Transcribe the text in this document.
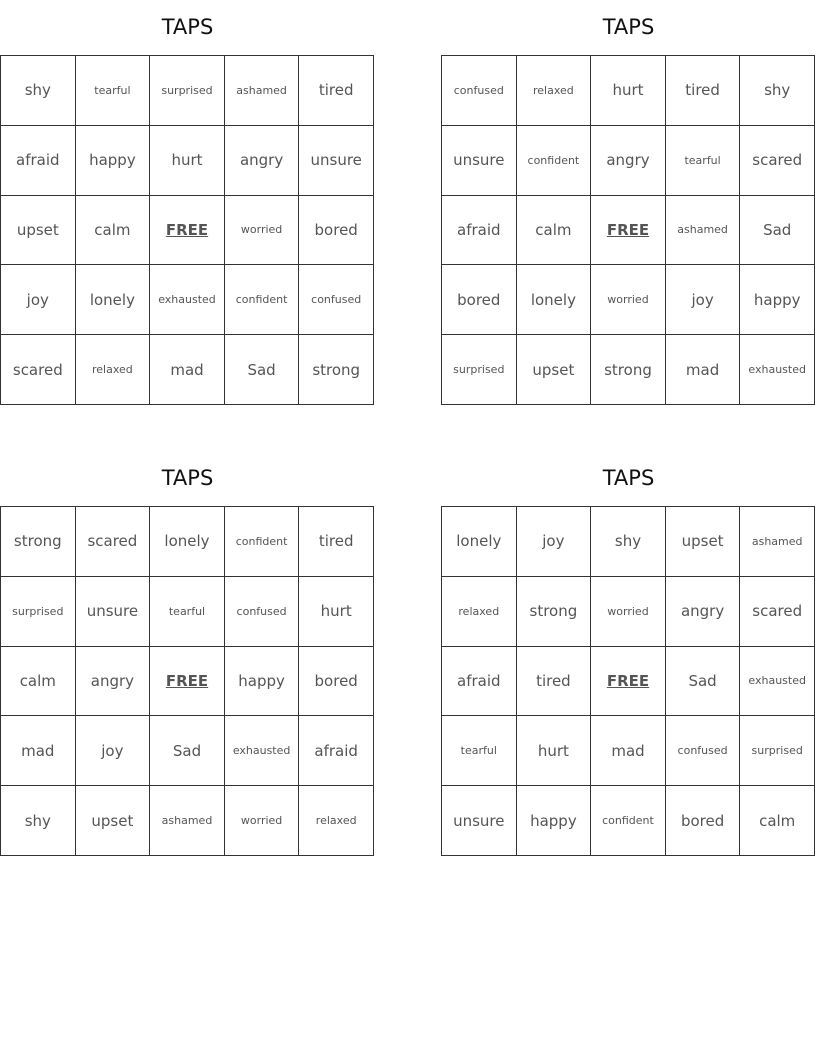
TAPS
shy	tearful	surprised	ashamed	tired
afraid	happy	hurt	angry	unsure
upset	calm	FREE	worried	bored
joy	lonely	exhausted	confident	confused
scared	relaxed	mad	Sad	strong
TAPS
confused	relaxed	hurt	tired	shy
unsure	confident	angry	tearful	scared
afraid	calm	FREE	ashamed	Sad
bored	lonely	worried	joy	happy
surprised	upset	strong	mad	exhausted
TAPS
strong	scared	lonely	confident	tired
surprised	unsure	tearful	confused	hurt
calm	angry	FREE	happy	bored
mad	joy	Sad	exhausted	afraid
shy	upset	ashamed	worried	relaxed
TAPS
lonely	joy	shy	upset	ashamed
relaxed	strong	worried	angry	scared
afraid	tired	FREE	Sad	exhausted
tearful	hurt	mad	confused	surprised
unsure	happy	confident	bored	calm
